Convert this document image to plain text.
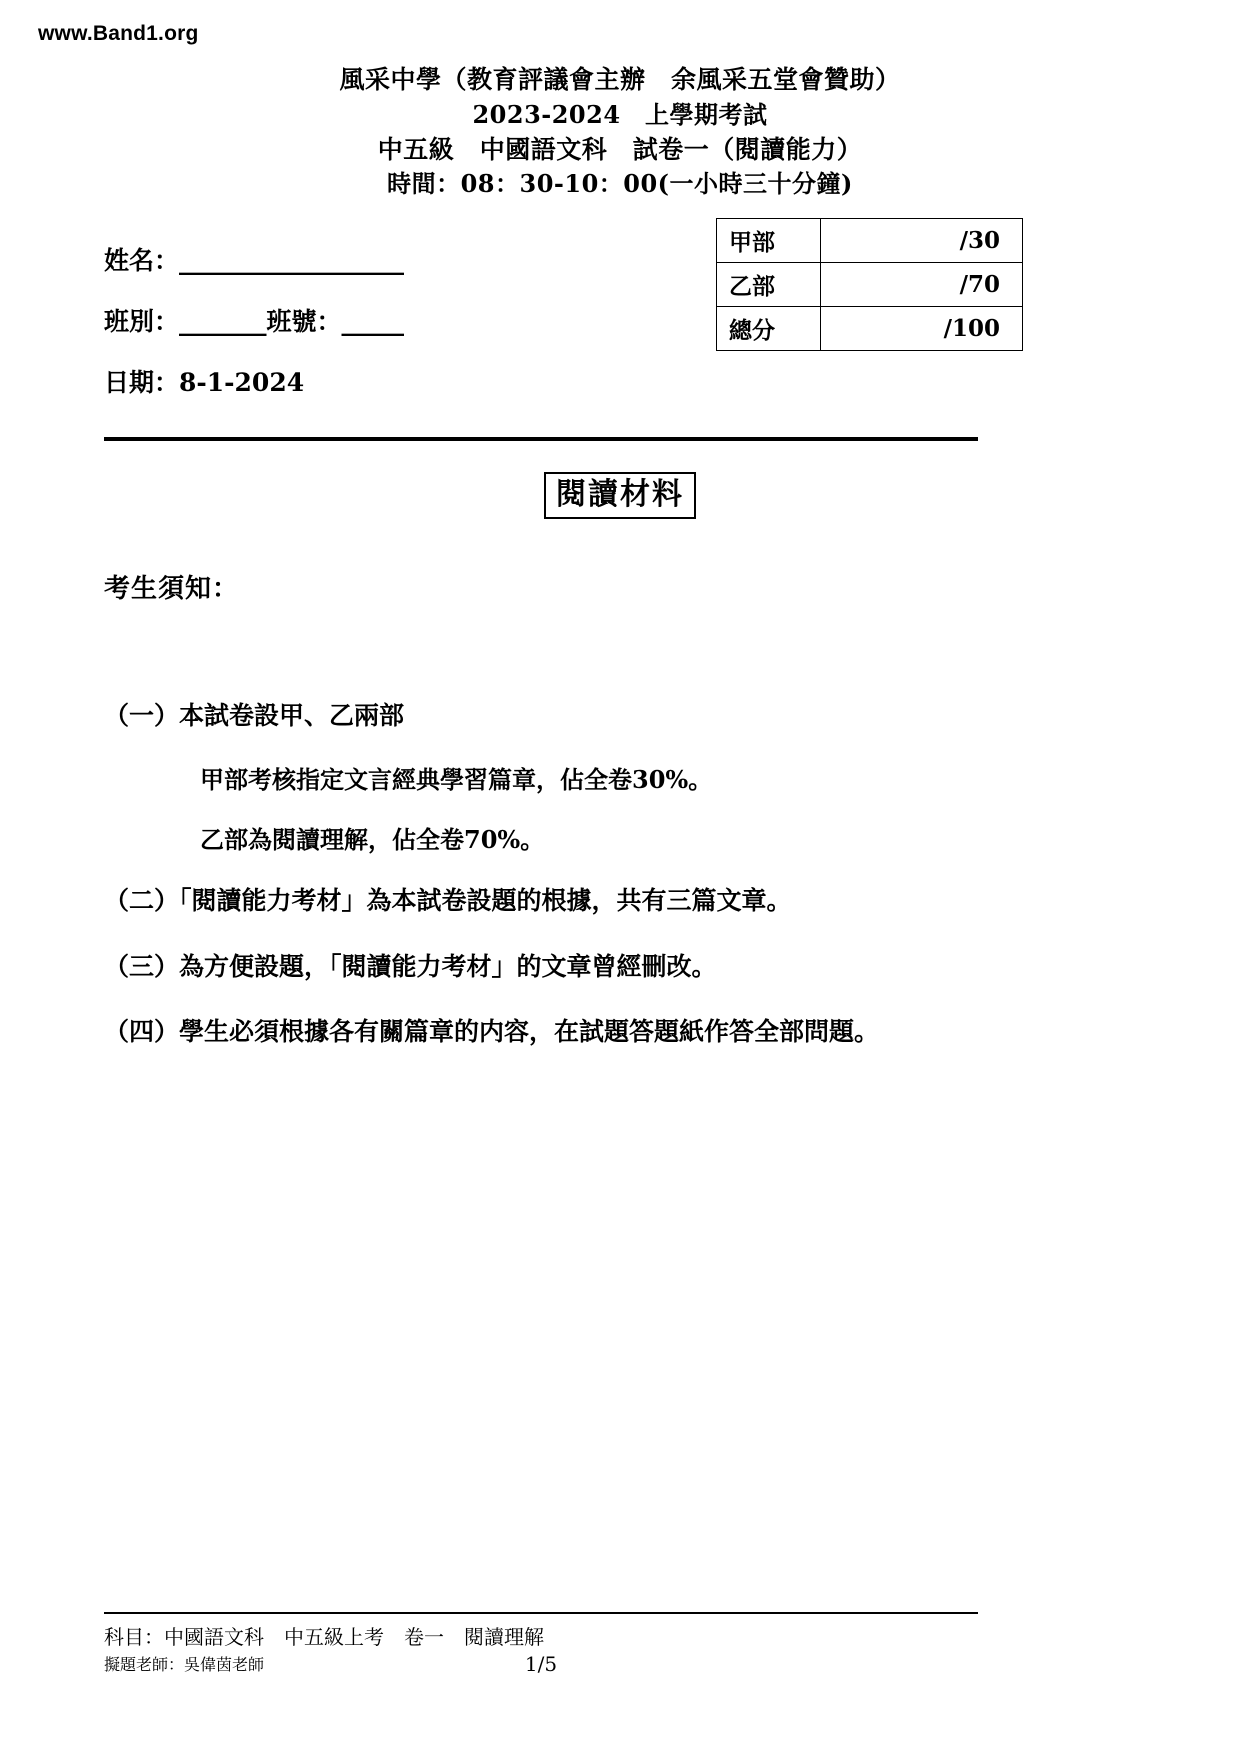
www.Band1.org
風采中學（教育評議會主辦　余風采五堂會贊助）
2023-2024　上學期考試
中五級　中國語文科　試卷一（閱讀能力）
時間：08：30-10：00(一小時三十分鐘)
甲部	/30
乙部	/70
總分	/100
姓名：__________________
班別：_______班號：_____
日期：8-1-2024
閱讀材料
考生須知：
（一）本試卷設甲、乙兩部
甲部考核指定文言經典學習篇章，佔全卷30%。
乙部為閱讀理解，佔全卷70%。
（二）「閱讀能力考材」為本試卷設題的根據，共有三篇文章。
（三）為方便設題，「閱讀能力考材」的文章曾經刪改。
（四）學生必須根據各有關篇章的内容，在試題答題紙作答全部問題。
科目：中國語文科　中五級上考　卷一　閱讀理解
擬題老師：吳偉茵老師	1/5
